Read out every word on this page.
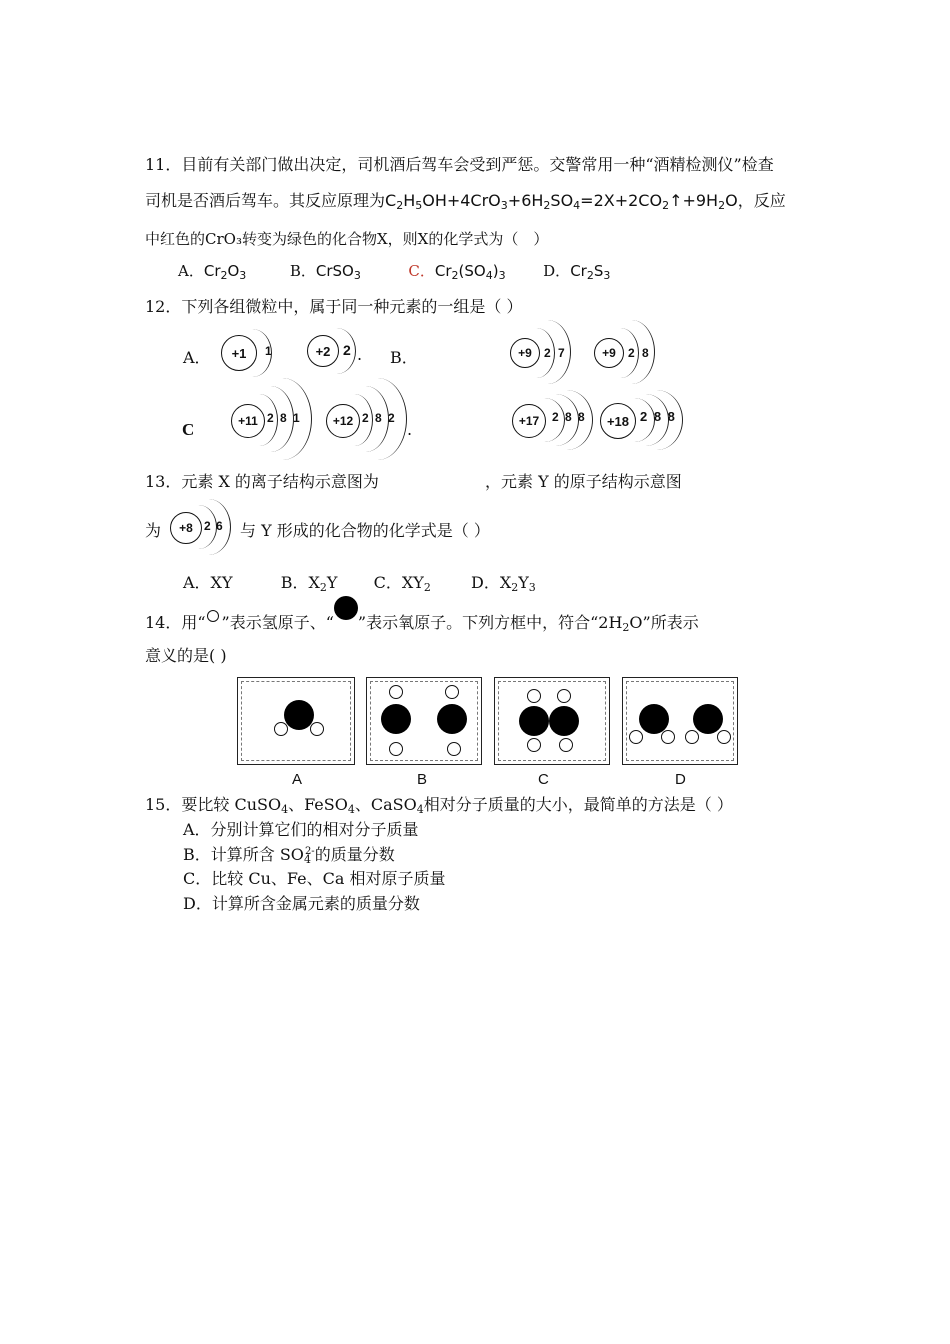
11．目前有关部门做出决定，司机酒后驾车会受到严惩。交警常用一种“酒精检测仪”检查
司机是否酒后驾车。其反应原理为$C_2H_5OH+4CrO_3+6H_2SO_4=2X+2CO_2↑+9H_2O$，反应
中红色的CrO₃转变为绿色的化合物X，则X的化学式为（　）
A．$Cr_2O_3$	B．CrSO$_3$	C．$Cr_2(SO_4)_3$	D．$Cr_2S_3$
12．下列各组微粒中，属于同一种元素的一组是（ ）
A．	+1	1	+2 2 . B．	+9	2 7	+9	2 8
C	+11 2 8 1	+12 2 8 2
.	+17	2 8 8	+18 2 8 8
13．元素 X 的离子结构示意图为	，元素 Y 的原子结构示意图
为	+8 2 6 与 Y 形成的化合物的化学式是（ ）
A．XY	B．$X_2Y$ C．$XY_2$	D．$X_2Y_3$
14．用“ ”表示氢原子、“ ”表示氧原子。下列方框中，符合“$2H_2O$”所表示
意义的是( )
A	B	C	D
15．要比较 CuSO$_4$、FeSO$_4$、CaSO$_4$相对分子质量的大小，最简单的方法是（ ）
A．分别计算它们的相对分子质量
B．计算所含 $SO_4^{2-}$的质量分数
C．比较 Cu、Fe、Ca 相对原子质量
D．计算所含金属元素的质量分数
